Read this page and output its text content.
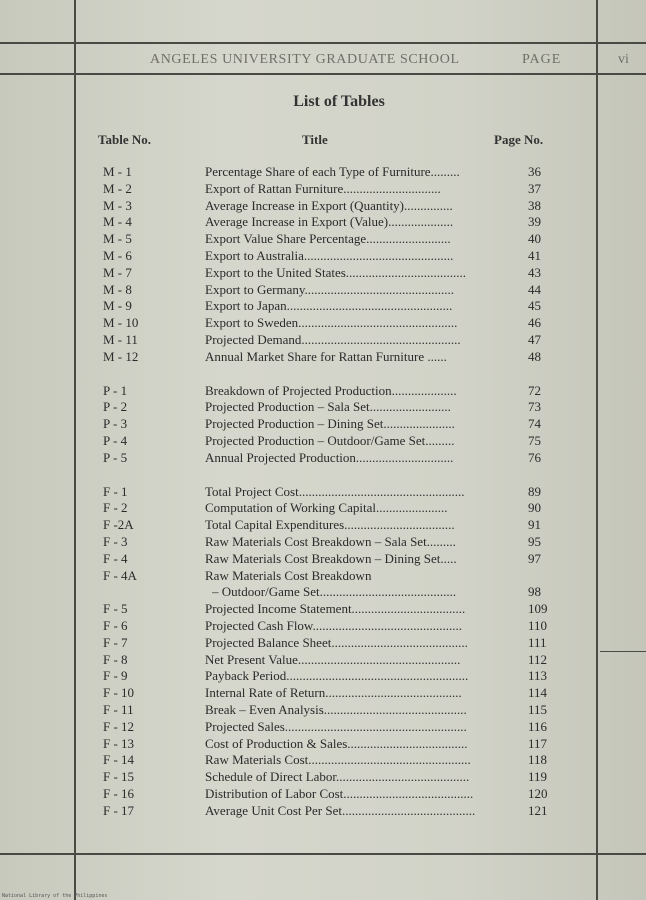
ANGELES UNIVERSITY GRADUATE SCHOOL	PAGE	vi
List of Tables
Table No.	Title	Page No.
M - 1	Percentage Share of each Type of Furniture.........	36
M - 2	Export of Rattan Furniture..............................	37
M - 3	Average Increase in Export (Quantity)...............	38
M - 4	Average Increase in Export (Value)....................	39
M - 5	Export Value Share Percentage..........................	40
M - 6	Export to Australia..............................................	41
M - 7	Export to the United States.....................................	43
M - 8	Export to Germany..............................................	44
M - 9	Export to Japan...................................................	45
M - 10	Export to Sweden.................................................	46
M - 11	Projected Demand.................................................	47
M - 12	Annual Market Share for Rattan Furniture ......	48
P - 1	Breakdown of Projected Production....................	72
P - 2	Projected Production – Sala Set.........................	73
P - 3	Projected Production – Dining Set......................	74
P - 4	Projected Production – Outdoor/Game Set.........	75
P - 5	Annual Projected Production..............................	76
F - 1	Total Project Cost...................................................	89
F - 2	Computation of Working Capital......................	90
F -2A	Total Capital Expenditures..................................	91
F - 3	Raw Materials Cost Breakdown – Sala Set.........	95
F - 4	Raw Materials Cost Breakdown – Dining Set.....	97
F - 4A	Raw Materials Cost Breakdown
– Outdoor/Game Set..........................................	98
F - 5	Projected Income Statement...................................	109
F - 6	Projected Cash Flow..............................................	110
F - 7	Projected Balance Sheet..........................................	111
F - 8	Net Present Value..................................................	112
F - 9	Payback Period........................................................	113
F - 10	Internal Rate of Return..........................................	114
F - 11	Break – Even Analysis............................................	115
F - 12	Projected Sales........................................................	116
F - 13	Cost of Production & Sales.....................................	117
F - 14	Raw Materials Cost..................................................	118
F - 15	Schedule of Direct Labor.........................................	119
F - 16	Distribution of Labor Cost........................................	120
F - 17	Average Unit Cost Per Set.........................................	121
National Library of the Philippines
